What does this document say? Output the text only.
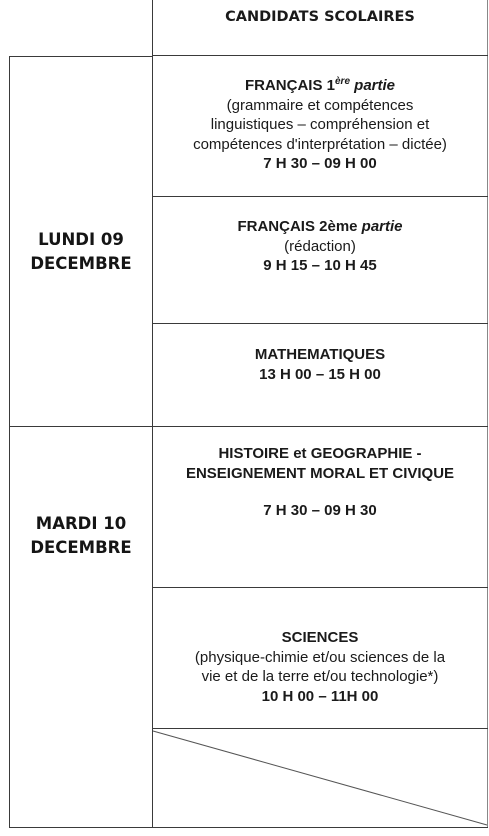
CANDIDATS SCOLAIRES
LUNDI 09
DECEMBRE
MARDI 10
DECEMBRE
FRANÇAIS 1ère partie
(grammaire et compétences
linguistiques – compréhension et
compétences d'interprétation – dictée)
7 H 30 – 09 H 00
FRANÇAIS 2ème partie
(rédaction)
9 H 15 – 10 H 45
MATHEMATIQUES
13 H 00 – 15 H 00
HISTOIRE et GEOGRAPHIE -
ENSEIGNEMENT MORAL ET CIVIQUE
7 H 30 – 09 H 30
SCIENCES
(physique-chimie et/ou sciences de la
vie et de la terre et/ou technologie*)
10 H 00 – 11H 00
